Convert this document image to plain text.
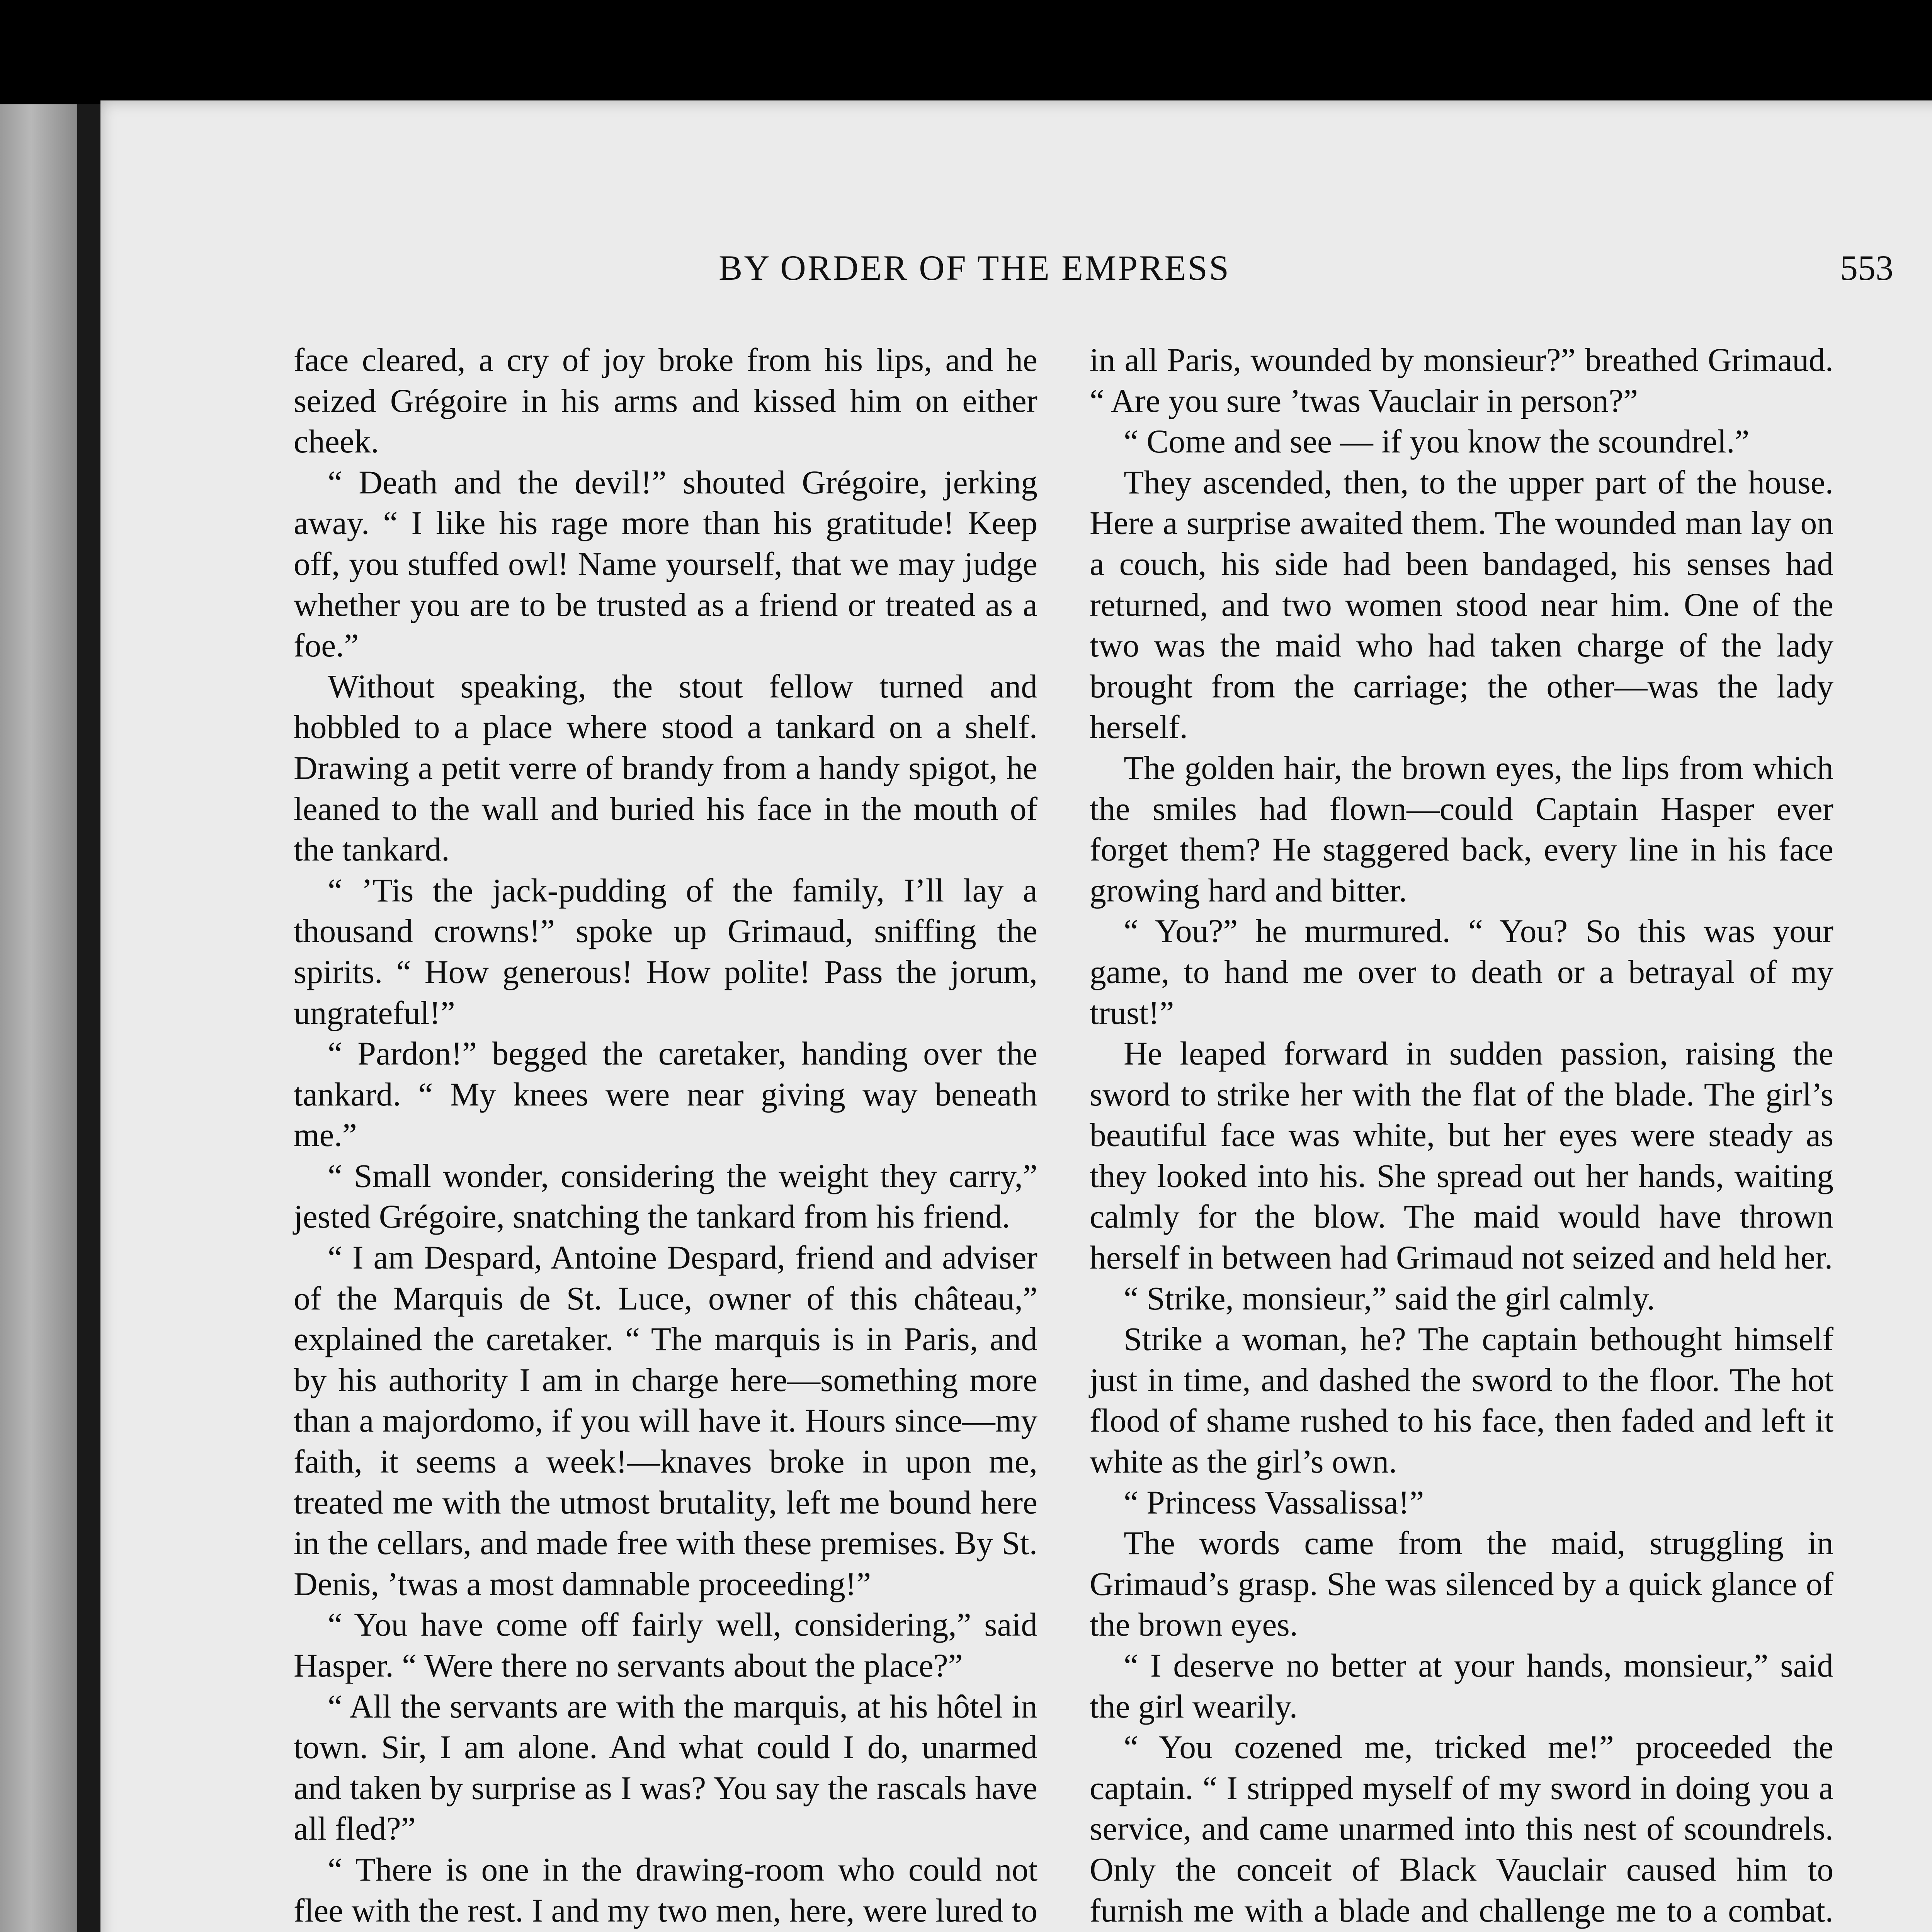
BY ORDER OF THE EMPRESS	553

face cleared, a cry of joy broke from his lips, and he seized Grégoire in his arms and kissed him on either cheek.

“ Death and the devil!” shouted Grégoire, jerking away. “ I like his rage more than his gratitude! Keep off, you stuffed owl! Name yourself, that we may judge whether you are to be trusted as a friend or treated as a foe.”

Without speaking, the stout fellow turned and hobbled to a place where stood a tankard on a shelf. Drawing a petit verre of brandy from a handy spigot, he leaned to the wall and buried his face in the mouth of the tankard.

“ ’Tis the jack-pudding of the family, I’ll lay a thousand crowns!” spoke up Grimaud, sniffing the spirits. “ How generous! How polite! Pass the jorum, ungrateful!”

“ Pardon!” begged the caretaker, handing over the tankard. “ My knees were near giving way beneath me.”

“ Small wonder, considering the weight they carry,” jested Grégoire, snatching the tankard from his friend.

“ I am Despard, Antoine Despard, friend and adviser of the Marquis de St. Luce, owner of this château,” explained the caretaker. “ The marquis is in Paris, and by his authority I am in charge here—something more than a majordomo, if you will have it. Hours since—my faith, it seems a week!—knaves broke in upon me, treated me with the utmost brutality, left me bound here in the cellars, and made free with these premises. By St. Denis, ’twas a most damnable proceeding!”

“ You have come off fairly well, considering,” said Hasper. “ Were there no servants about the place?”

“ All the servants are with the marquis, at his hôtel in town. Sir, I am alone. And what could I do, unarmed and taken by surprise as I was? You say the rascals have all fled?”

“ There is one in the drawing-room who could not flee with the rest. I and my two men, here, were lured to

in all Paris, wounded by monsieur?” breathed Grimaud. “ Are you sure ’twas Vauclair in person?”

“ Come and see — if you know the scoundrel.”

They ascended, then, to the upper part of the house. Here a surprise awaited them. The wounded man lay on a couch, his side had been bandaged, his senses had returned, and two women stood near him. One of the two was the maid who had taken charge of the lady brought from the carriage; the other—was the lady herself.

The golden hair, the brown eyes, the lips from which the smiles had flown—could Captain Hasper ever forget them? He staggered back, every line in his face growing hard and bitter.

“ You?” he murmured. “ You? So this was your game, to hand me over to death or a betrayal of my trust!”

He leaped forward in sudden passion, raising the sword to strike her with the flat of the blade. The girl’s beautiful face was white, but her eyes were steady as they looked into his. She spread out her hands, waiting calmly for the blow. The maid would have thrown herself in between had Grimaud not seized and held her.

“ Strike, monsieur,” said the girl calmly.

Strike a woman, he? The captain bethought himself just in time, and dashed the sword to the floor. The hot flood of shame rushed to his face, then faded and left it white as the girl’s own.

“ Princess Vassalissa!”

The words came from the maid, struggling in Grimaud’s grasp. She was silenced by a quick glance of the brown eyes.

“ I deserve no better at your hands, monsieur,” said the girl wearily.

“ You cozened me, tricked me!” proceeded the captain. “ I stripped myself of my sword in doing you a service, and came unarmed into this nest of scoundrels. Only the conceit of Black Vauclair caused him to furnish me with a blade and challenge me to a combat.
